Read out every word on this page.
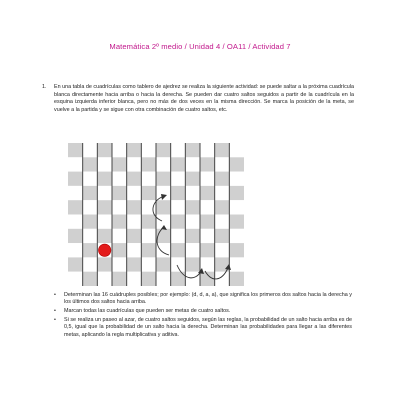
Matemática 2º medio / Unidad 4 / OA11 / Actividad 7
1. En una tabla de cuadrículas como tablero de ajedrez se realiza la siguiente actividad: se puede saltar a la próxima cuadrícula blanca directamente hacia arriba o hacia la derecha. Se pueden dar cuatro saltos seguidos a partir de la cuadrícula en la esquina izquierda inferior blanca, pero no más de dos veces en la misma dirección. Se marca la posición de la meta, se vuelve a la partida y se sigue con otra combinación de cuatro saltos, etc.
• Determinan las 16 cuádruples posibles; por ejemplo: (d, d, a, a), que significa los primeros dos saltos hacia la derecha y los últimos dos saltos hacia arriba.
• Marcan todas las cuadrículas que pueden ser metas de cuatro saltos.
• Si se realiza un paseo al azar, de cuatro saltos seguidos, según las reglas, la probabilidad de un salto hacia arriba es de 0,5, igual que la probabilidad de un salto hacia la derecha. Determinan las probabilidades para llegar a las diferentes metas, aplicando la regla multiplicativa y aditiva.
